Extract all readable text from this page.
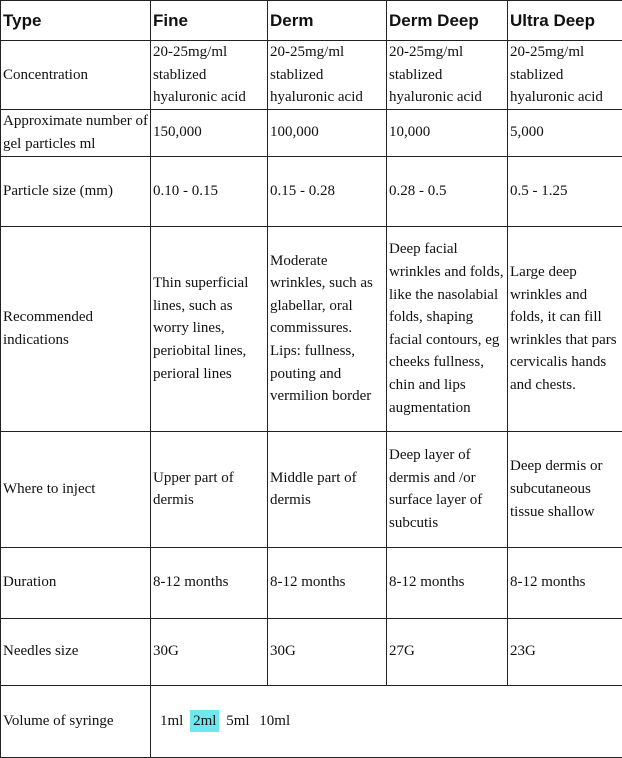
Type	Fine	Derm	Derm Deep	Ultra Deep
Concentration	20-25mg/ml stablized hyaluronic acid	20-25mg/ml stablized hyaluronic acid	20-25mg/ml stablized hyaluronic acid	20-25mg/ml stablized hyaluronic acid
Approximate number of gel particles ml	150,000	100,000	10,000	5,000
Particle size (mm)	0.10 - 0.15	0.15 - 0.28	0.28 - 0.5	0.5 - 1.25
Recommended indications	Thin superficial lines, such as worry lines, periobital lines, perioral lines	Moderate wrinkles, such as glabellar, oral commissures. Lips: fullness, pouting and vermilion border	Deep facial wrinkles and folds, like the nasolabial folds, shaping facial contours, eg cheeks fullness, chin and lips augmentation	Large deep wrinkles and folds, it can fill wrinkles that pars cervicalis hands and chests.
Where to inject	Upper part of dermis	Middle part of dermis	Deep layer of dermis and /or surface layer of subcutis	Deep dermis or subcutaneous tissue shallow
Duration	8-12 months	8-12 months	8-12 months	8-12 months
Needles size	30G	30G	27G	23G
Volume of syringe	1ml 2ml 5ml 10ml			
